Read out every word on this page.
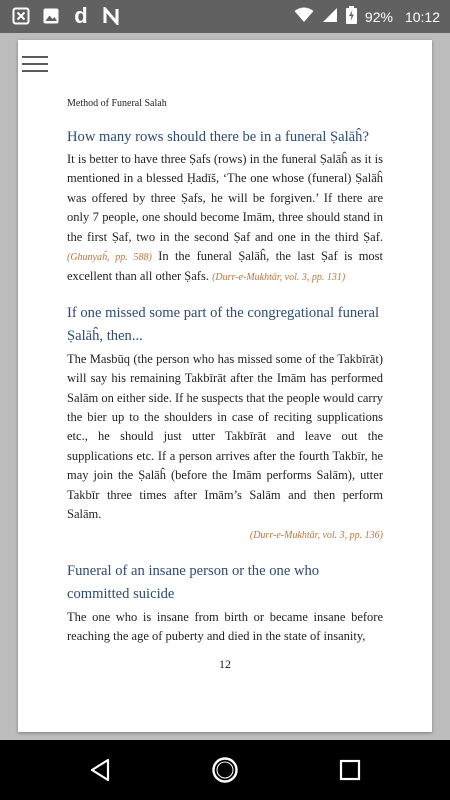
d	92% 10:12
Method of Funeral Salah
How many rows should there be in a funeral Ṣalāĥ?

It is better to have three Ṣafs (rows) in the funeral Ṣalāĥ as it is mentioned in a blessed Ḥadīš, ‘The one whose (funeral) Ṣalāĥ was offered by three Ṣafs, he will be forgiven.’ If there are only 7 people, one should become Imām, three should stand in the first Ṣaf, two in the second Ṣaf and one in the third Ṣaf. (Ghunyaĥ, pp. 588) In the funeral Ṣalāĥ, the last Ṣaf is most excellent than all other Ṣafs. (Durr-e-Mukhtār, vol. 3, pp. 131)

If one missed some part of the congregational funeral Ṣalāĥ, then...

The Masbūq (the person who has missed some of the Takbīrāt) will say his remaining Takbīrāt after the Imām has performed Salām on either side. If he suspects that the people would carry the bier up to the shoulders in case of reciting supplications etc., he should just utter Takbīrāt and leave out the supplications etc. If a person arrives after the fourth Takbīr, he may join the Ṣalāĥ (before the Imām performs Salām), utter Takbīr three times after Imām’s Salām and then perform Salām.

(Durr-e-Mukhtār, vol. 3, pp. 136)
Funeral of an insane person or the one who committed suicide

The one who is insane from birth or became insane before reaching the age of puberty and died in the state of insanity,

12
